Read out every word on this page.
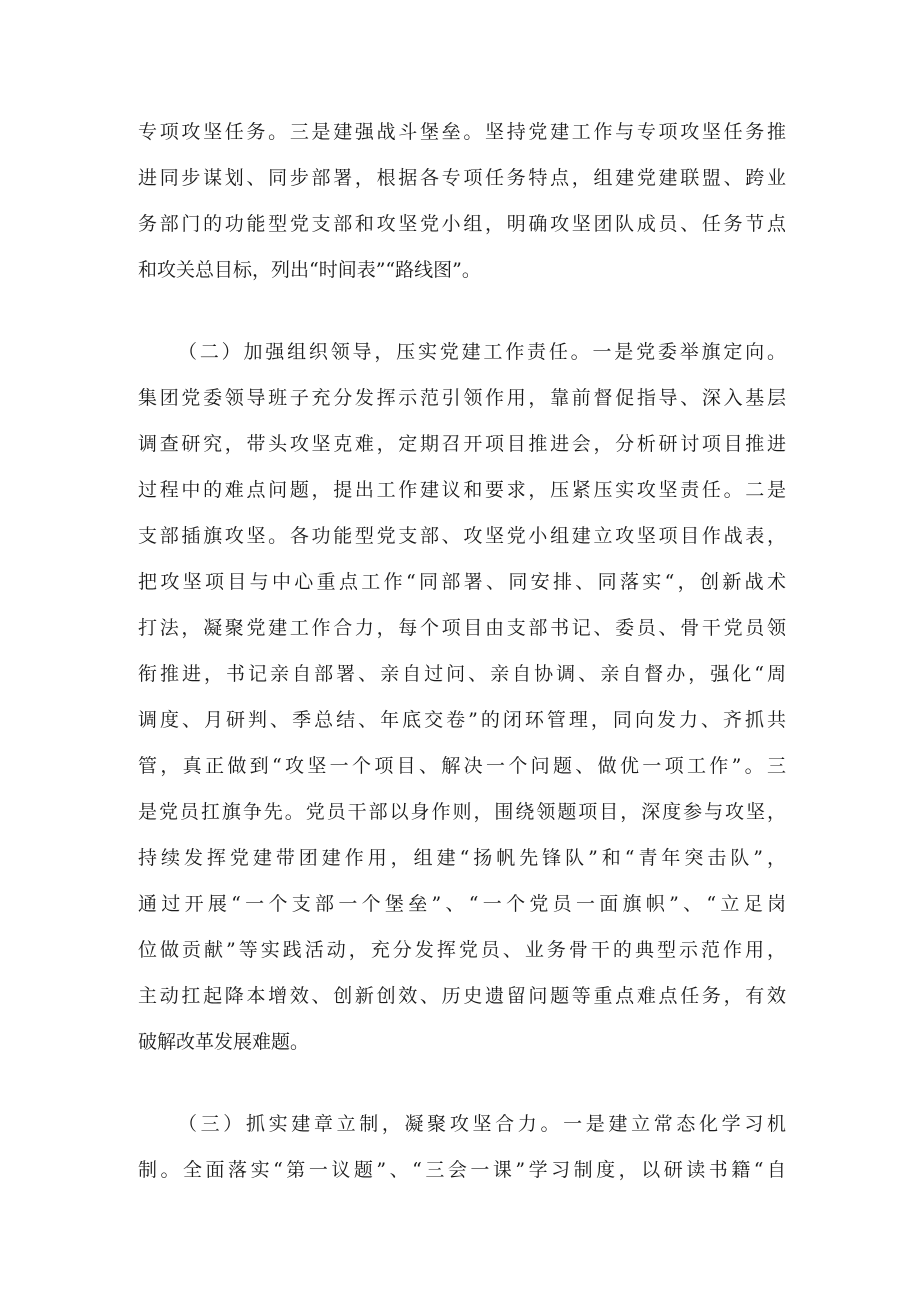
专项攻坚任务。三是建强战斗堡垒。坚持党建工作与专项攻坚任务推
进同步谋划、同步部署，根据各专项任务特点，组建党建联盟、跨业
务部门的功能型党支部和攻坚党小组，明确攻坚团队成员、任务节点
和攻关总目标，列出“时间表”“路线图”。
（二）加强组织领导，压实党建工作责任。一是党委举旗定向。
集团党委领导班子充分发挥示范引领作用，靠前督促指导、深入基层
调查研究，带头攻坚克难，定期召开项目推进会，分析研讨项目推进
过程中的难点问题，提出工作建议和要求，压紧压实攻坚责任。二是
支部插旗攻坚。各功能型党支部、攻坚党小组建立攻坚项目作战表，
把攻坚项目与中心重点工作“同部署、同安排、同落实“，创新战术
打法，凝聚党建工作合力，每个项目由支部书记、委员、骨干党员领
衔推进，书记亲自部署、亲自过问、亲自协调、亲自督办，强化“周
调度、月研判、季总结、年底交卷”的闭环管理，同向发力、齐抓共
管，真正做到“攻坚一个项目、解决一个问题、做优一项工作”。三
是党员扛旗争先。党员干部以身作则，围绕领题项目，深度参与攻坚，
持续发挥党建带团建作用，组建“扬帆先锋队”和“青年突击队”，
通过开展“一个支部一个堡垒”、“一个党员一面旗帜”、“立足岗
位做贡献”等实践活动，充分发挥党员、业务骨干的典型示范作用，
主动扛起降本增效、创新创效、历史遗留问题等重点难点任务，有效
破解改革发展难题。
（三）抓实建章立制，凝聚攻坚合力。一是建立常态化学习机
制。全面落实“第一议题”、“三会一课”学习制度，以研读书籍“自
